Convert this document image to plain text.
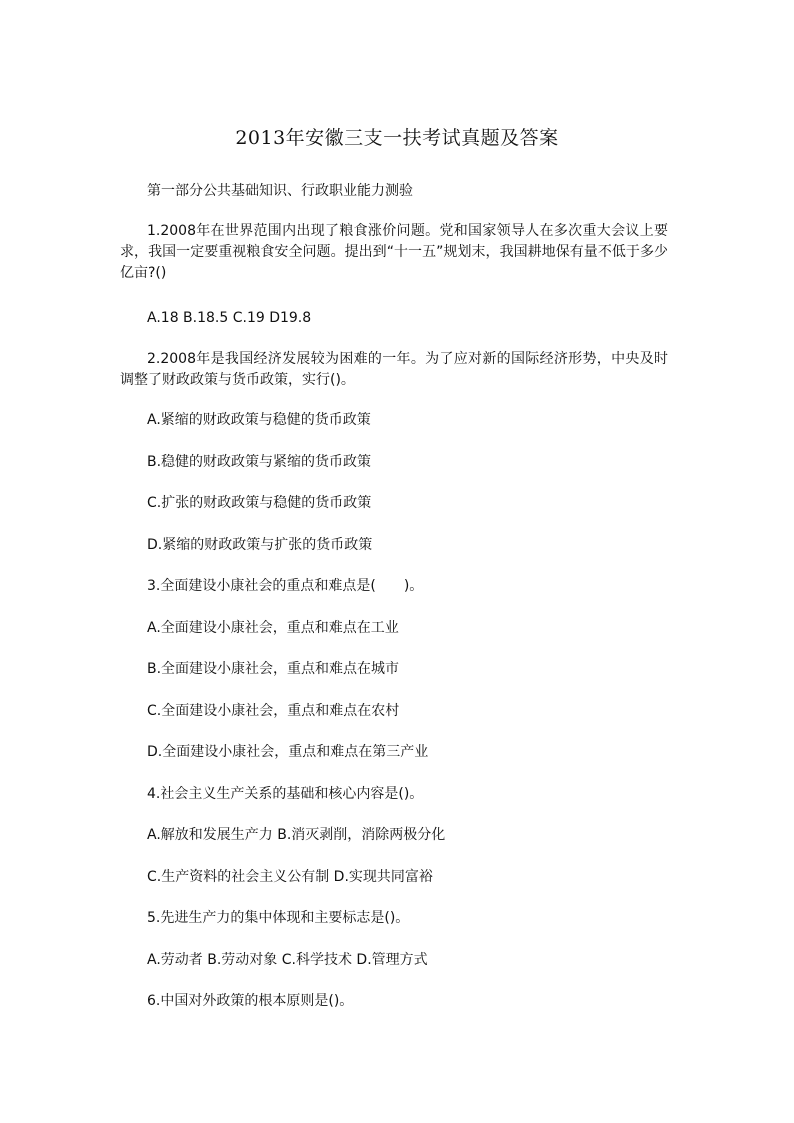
2013年安徽三支一扶考试真题及答案
第一部分公共基础知识、行政职业能力测验
1.2008年在世界范围内出现了粮食涨价问题。党和国家领导人在多次重大会议上要求，我国一定要重视粮食安全问题。提出到“十一五”规划末，我国耕地保有量不低于多少亿亩?()
A.18 B.18.5 C.19 D19.8
2.2008年是我国经济发展较为困难的一年。为了应对新的国际经济形势，中央及时调整了财政政策与货币政策，实行()。
A.紧缩的财政政策与稳健的货币政策
B.稳健的财政政策与紧缩的货币政策
C.扩张的财政政策与稳健的货币政策
D.紧缩的财政政策与扩张的货币政策
3.全面建设小康社会的重点和难点是(　　)。
A.全面建设小康社会，重点和难点在工业
B.全面建设小康社会，重点和难点在城市
C.全面建设小康社会，重点和难点在农村
D.全面建设小康社会，重点和难点在第三产业
4.社会主义生产关系的基础和核心内容是()。
A.解放和发展生产力 B.消灭剥削，消除两极分化
C.生产资料的社会主义公有制 D.实现共同富裕
5.先进生产力的集中体现和主要标志是()。
A.劳动者 B.劳动对象 C.科学技术 D.管理方式
6.中国对外政策的根本原则是()。
